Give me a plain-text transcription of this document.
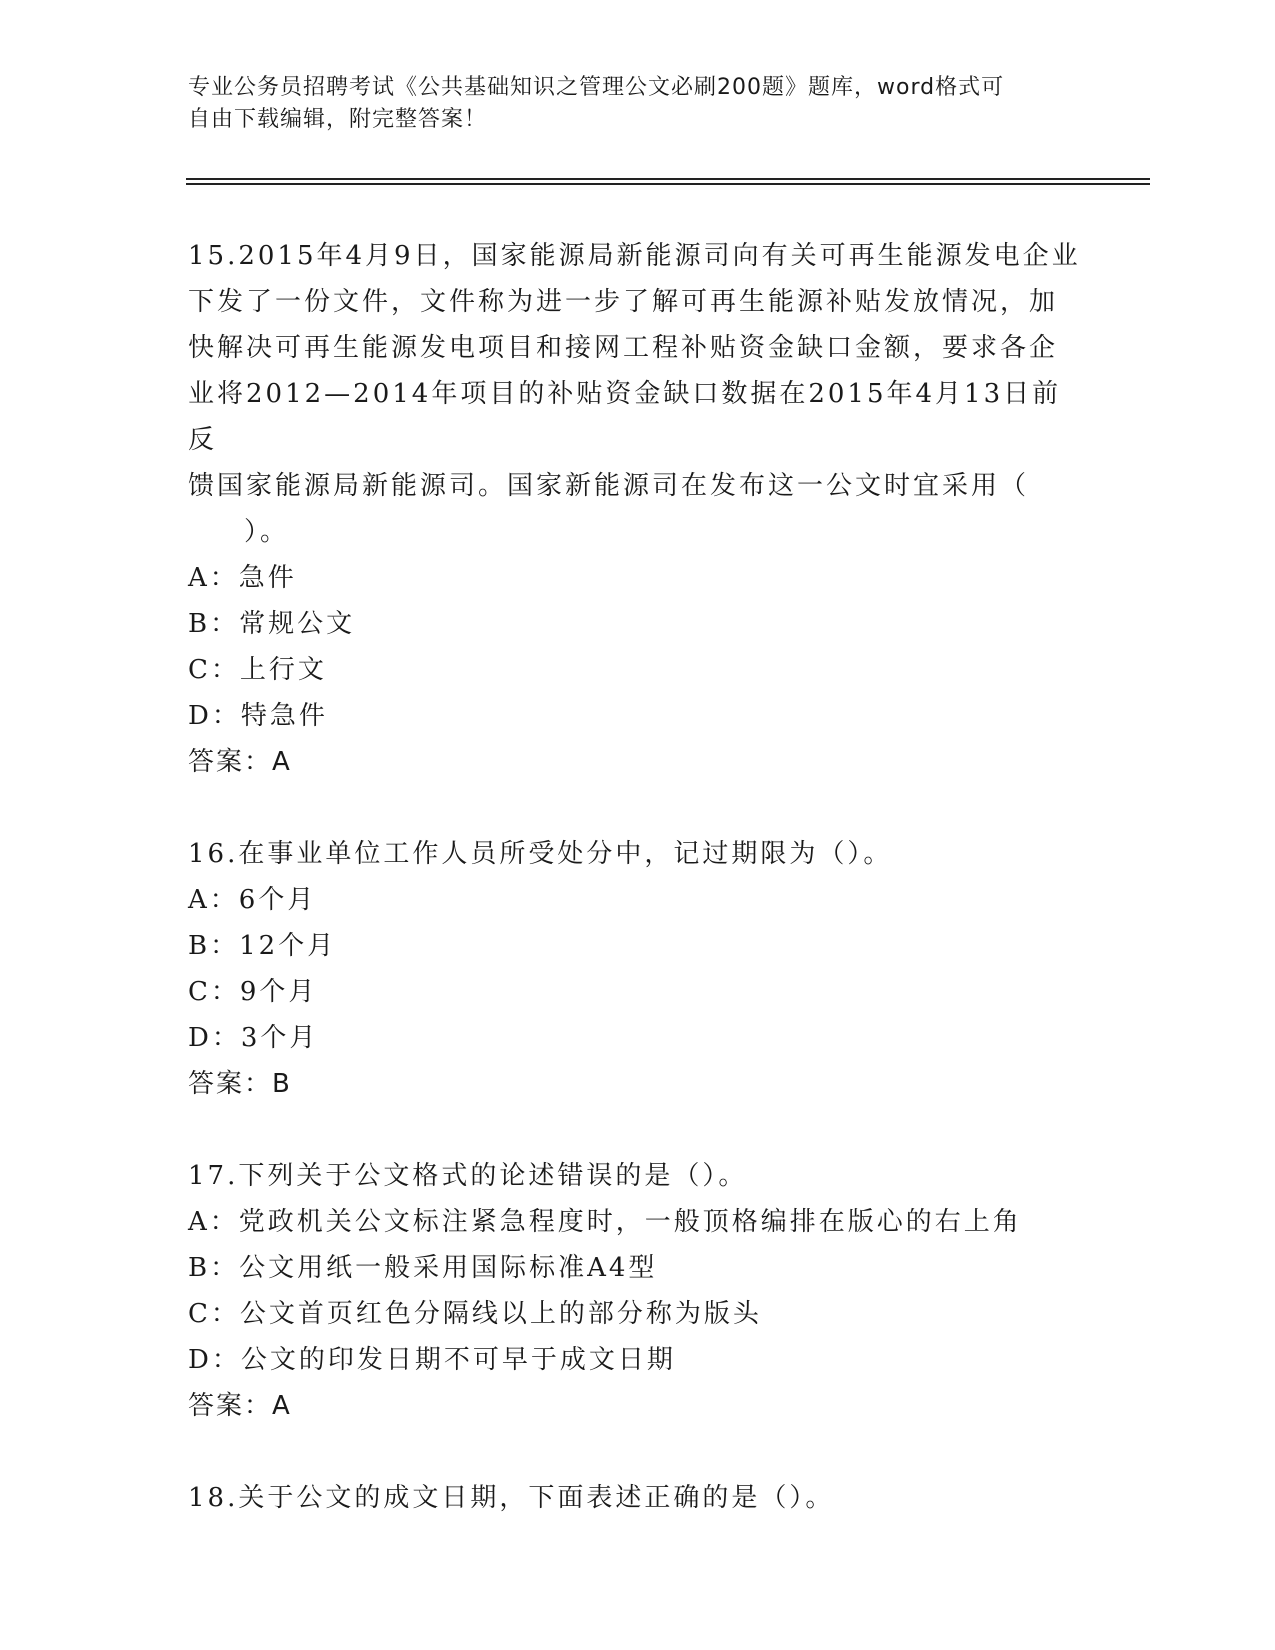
专业公务员招聘考试《公共基础知识之管理公文必刷200题》题库，word格式可
自由下载编辑，附完整答案！
15.2015年4月9日，国家能源局新能源司向有关可再生能源发电企业
下发了一份文件，文件称为进一步了解可再生能源补贴发放情况，加
快解决可再生能源发电项目和接网工程补贴资金缺口金额，要求各企
业将2012—2014年项目的补贴资金缺口数据在2015年4月13日前反
馈国家能源局新能源司。国家新能源司在发布这一公文时宜采用（
）。
A：急件
B：常规公文
C：上行文
D：特急件
答案：A
16.在事业单位工作人员所受处分中，记过期限为（）。
A：6个月
B：12个月
C：9个月
D：3个月
答案：B
17.下列关于公文格式的论述错误的是（）。
A：党政机关公文标注紧急程度时，一般顶格编排在版心的右上角
B：公文用纸一般采用国际标准A4型
C：公文首页红色分隔线以上的部分称为版头
D：公文的印发日期不可早于成文日期
答案：A
18.关于公文的成文日期，下面表述正确的是（）。
